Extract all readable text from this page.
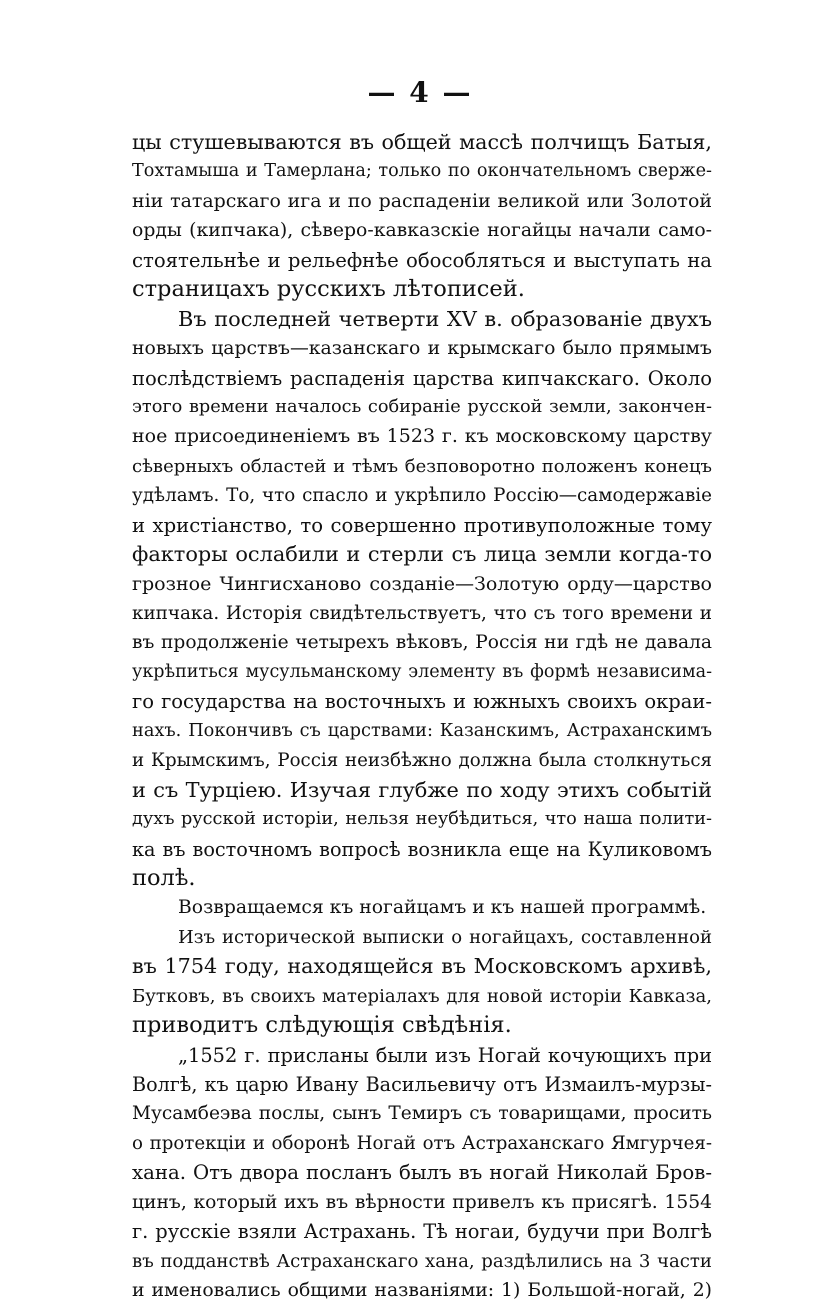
— 4 —
цы стушевываются въ общей массѣ полчищъ Батыя,
Тохтамыша и Тамерлана; только по окончательномъ сверже-
нiи татарскаго ига и по распаденiи великой или Золотой
орды (кипчака), сѣверо-кавказскiе ногайцы начали само-
стоятельнѣе и рельефнѣе обособляться и выступать на
страницахъ русскихъ лѣтописей.
Въ последней четверти XV в. образованiе двухъ
новыхъ царствъ—казанскаго и крымскаго было прямымъ
послѣдствiемъ распаденiя царства кипчакскаго. Около
этого времени началось собиранiе русской земли, закончен-
ное присоединенiемъ въ 1523 г. къ московскому царству
сѣверныхъ областей и тѣмъ безповоротно положенъ конецъ
удѣламъ. То, что спасло и укрѣпило Россiю—самодержавiе
и христiанство, то совершенно противуположные тому
факторы ослабили и стерли съ лица земли когда-то
грозное Чингисханово созданiе—Золотую орду—царство
кипчака. Исторiя свидѣтельствуетъ, что съ того времени и
въ продолженiе четырехъ вѣковъ, Россiя ни гдѣ не давала
укрѣпиться мусульманскому элементу въ формѣ независима-
го государства на восточныхъ и южныхъ своихъ окраи-
нахъ. Покончивъ съ царствами: Казанскимъ, Астраханскимъ
и Крымскимъ, Россiя неизбѣжно должна была столкнуться
и съ Турцiею. Изучая глубже по ходу этихъ событiй
духъ русской исторiи, нельзя неубѣдиться, что наша полити-
ка въ восточномъ вопросѣ возникла еще на Куликовомъ
полѣ.
Возвращаемся къ ногайцамъ и къ нашей программѣ.
Изъ исторической выписки о ногайцахъ, составленной
въ 1754 году, находящейся въ Московскомъ архивѣ,
Бутковъ, въ своихъ матерiалахъ для новой исторiи Кавказа,
приводитъ слѣдующiя свѣдѣнiя.
„1552 г. присланы были изъ Ногай кочующихъ при
Волгѣ, къ царю Ивану Васильевичу отъ Измаилъ-мурзы-
Мусамбеэва послы, сынъ Темиръ съ товарищами, просить
о протекцiи и оборонѣ Ногай отъ Астраханскаго Ямгурчея-
хана. Отъ двора посланъ былъ въ ногай Николай Бров-
цинъ, который ихъ въ вѣрности привелъ къ присягѣ. 1554
г. русскiе взяли Астрахань. Тѣ ногаи, будучи при Волгѣ
въ подданствѣ Астраханскаго хана, раздѣлились на 3 части
и именовались общими названiями: 1) Большой-ногай, 2)
